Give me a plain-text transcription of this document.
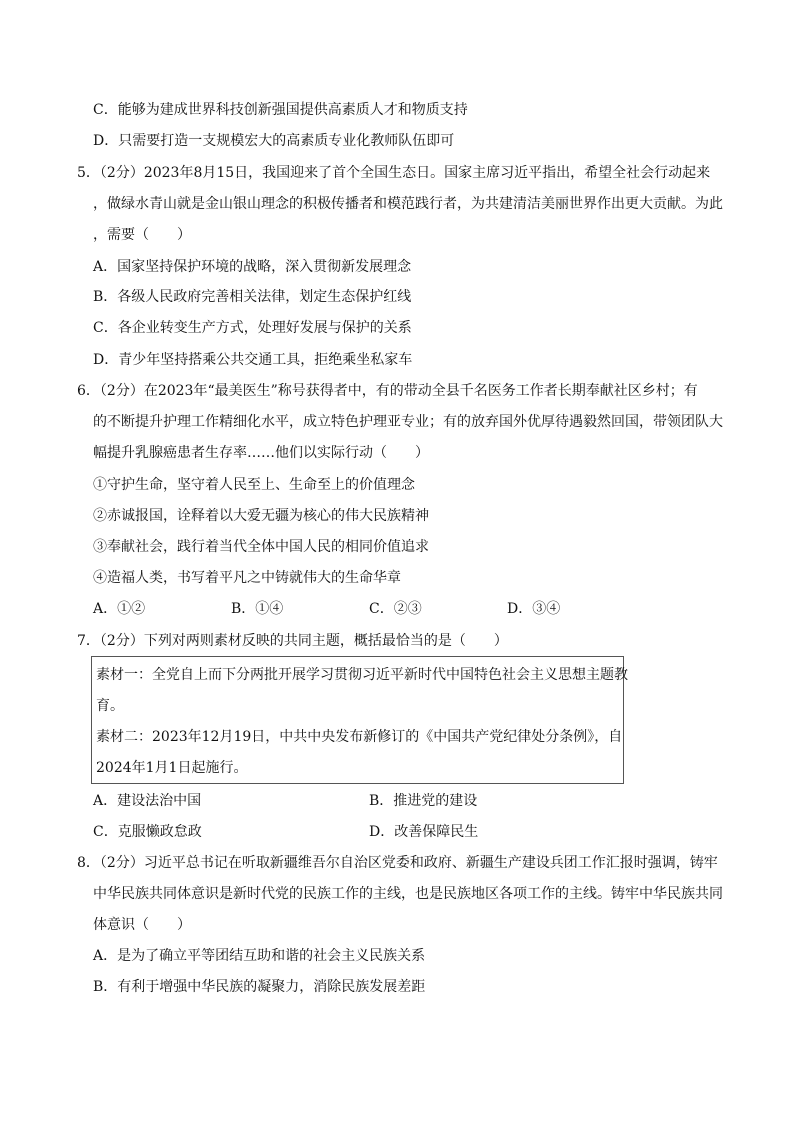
C．能够为建成世界科技创新强国提供高素质人才和物质支持
D．只需要打造一支规模宏大的高素质专业化教师队伍即可
5．（2分）2023年8月15日，我国迎来了首个全国生态日。国家主席习近平指出，希望全社会行动起来
，做绿水青山就是金山银山理念的积极传播者和模范践行者，为共建清洁美丽世界作出更大贡献。为此
，需要（　　）
A．国家坚持保护环境的战略，深入贯彻新发展理念
B．各级人民政府完善相关法律，划定生态保护红线
C．各企业转变生产方式，处理好发展与保护的关系
D．青少年坚持搭乘公共交通工具，拒绝乘坐私家车
6．（2分）在2023年“最美医生”称号获得者中，有的带动全县千名医务工作者长期奉献社区乡村；有
的不断提升护理工作精细化水平，成立特色护理亚专业；有的放弃国外优厚待遇毅然回国，带领团队大
幅提升乳腺癌患者生存率……他们以实际行动（　　）
①守护生命，坚守着人民至上、生命至上的价值理念
②赤诚报国，诠释着以大爱无疆为核心的伟大民族精神
③奉献社会，践行着当代全体中国人民的相同价值追求
④造福人类，书写着平凡之中铸就伟大的生命华章
A．①②	B．①④	C．②③	D．③④
7．（2分）下列对两则素材反映的共同主题，概括最恰当的是（　　）
素材一：全党自上而下分两批开展学习贯彻习近平新时代中国特色社会主义思想主题教
育。
素材二：2023年12月19日，中共中央发布新修订的《中国共产党纪律处分条例》，自
2024年1月1日起施行。
A．建设法治中国	B．推进党的建设
C．克服懒政怠政	D．改善保障民生
8．（2分）习近平总书记在听取新疆维吾尔自治区党委和政府、新疆生产建设兵团工作汇报时强调，铸牢
中华民族共同体意识是新时代党的民族工作的主线，也是民族地区各项工作的主线。铸牢中华民族共同
体意识（　　）
A．是为了确立平等团结互助和谐的社会主义民族关系
B．有利于增强中华民族的凝聚力，消除民族发展差距
